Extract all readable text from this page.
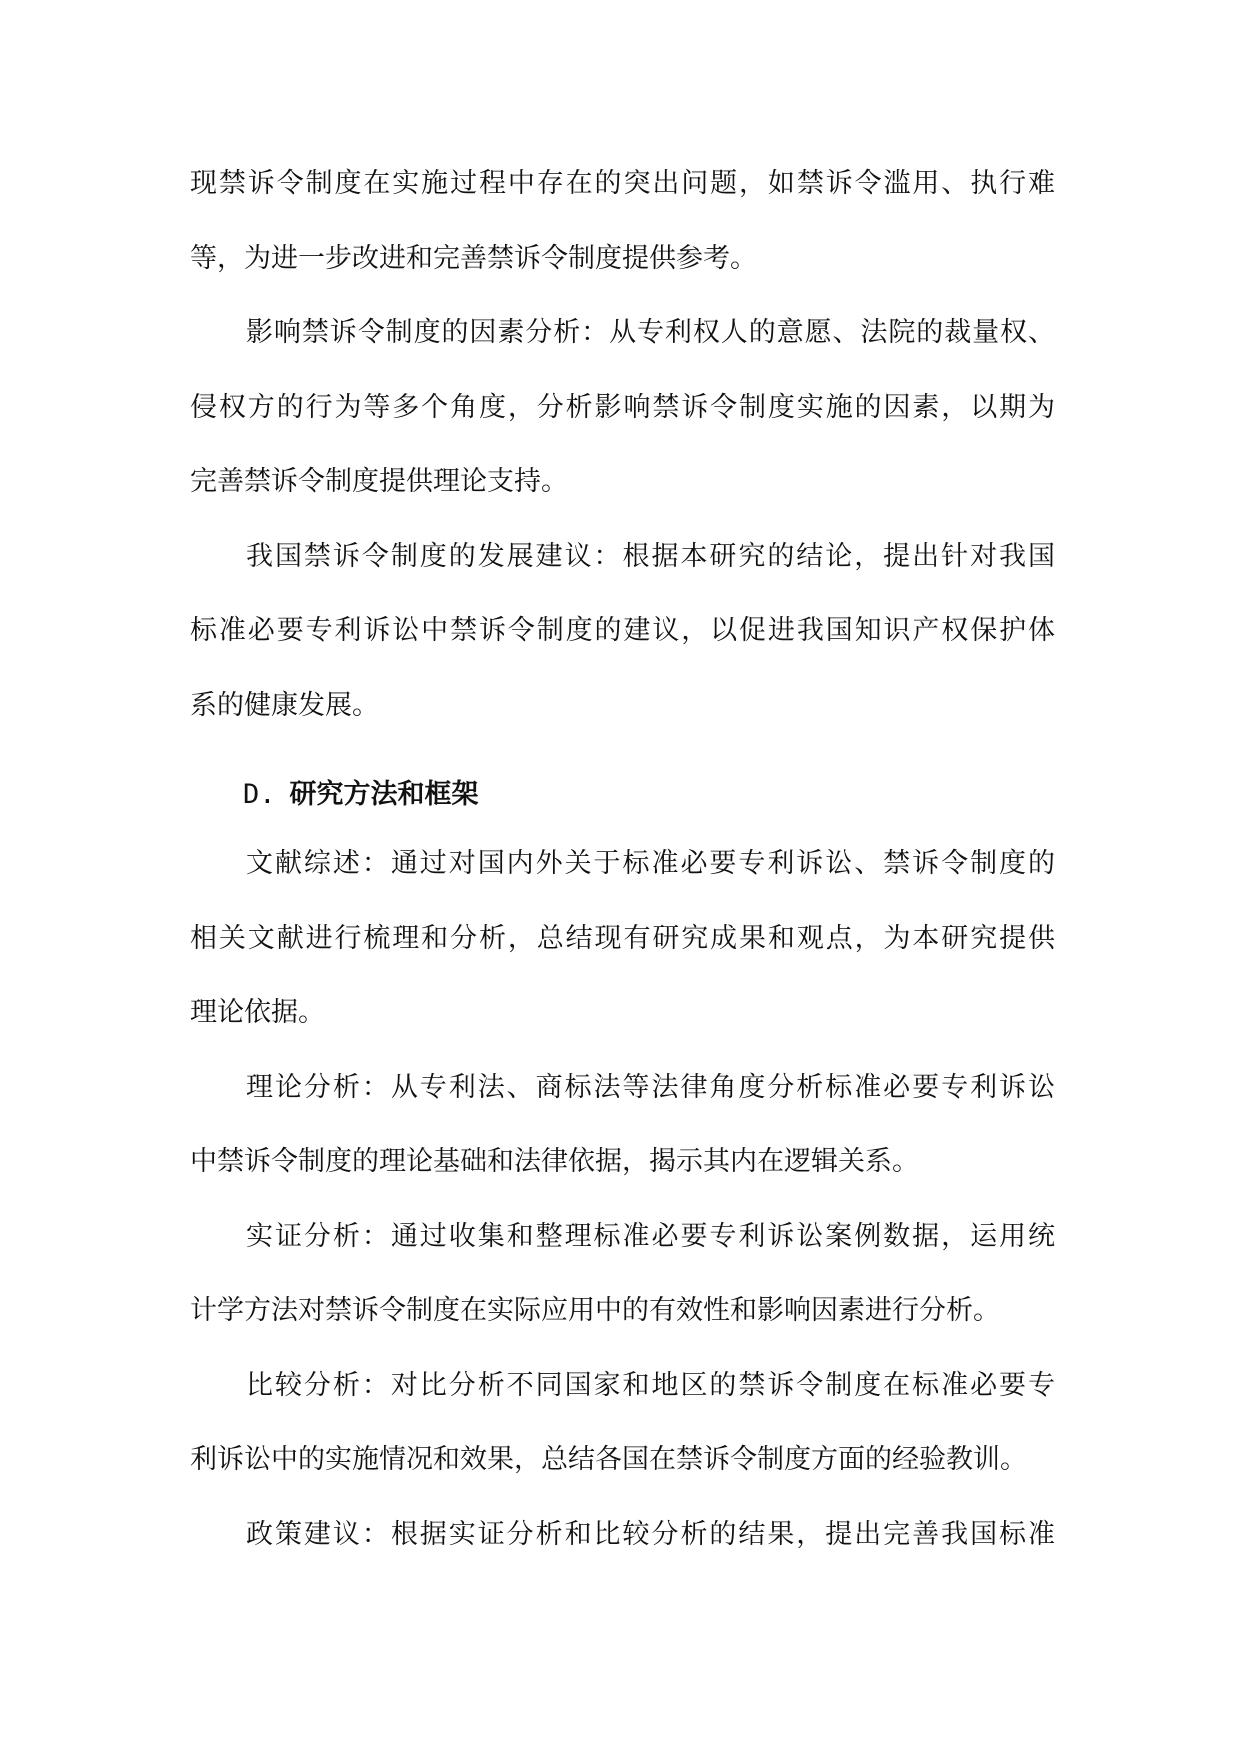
现禁诉令制度在实施过程中存在的突出问题，如禁诉令滥用、执行难
等，为进一步改进和完善禁诉令制度提供参考。
影响禁诉令制度的因素分析：从专利权人的意愿、法院的裁量权、
侵权方的行为等多个角度，分析影响禁诉令制度实施的因素，以期为
完善禁诉令制度提供理论支持。
我国禁诉令制度的发展建议：根据本研究的结论，提出针对我国
标准必要专利诉讼中禁诉令制度的建议，以促进我国知识产权保护体
系的健康发展。
D. 研究方法和框架
文献综述：通过对国内外关于标准必要专利诉讼、禁诉令制度的
相关文献进行梳理和分析，总结现有研究成果和观点，为本研究提供
理论依据。
理论分析：从专利法、商标法等法律角度分析标准必要专利诉讼
中禁诉令制度的理论基础和法律依据，揭示其内在逻辑关系。
实证分析：通过收集和整理标准必要专利诉讼案例数据，运用统
计学方法对禁诉令制度在实际应用中的有效性和影响因素进行分析。
比较分析：对比分析不同国家和地区的禁诉令制度在标准必要专
利诉讼中的实施情况和效果，总结各国在禁诉令制度方面的经验教训。
政策建议：根据实证分析和比较分析的结果，提出完善我国标准
